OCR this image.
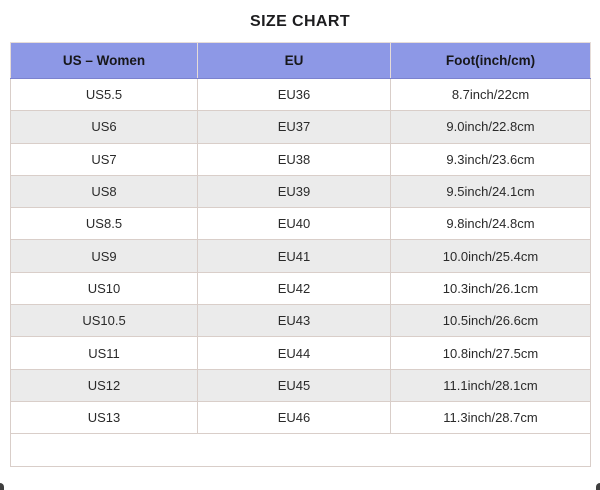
SIZE CHART
US – Women	EU	Foot(inch/cm)
US5.5	EU36	8.7inch/22cm
US6	EU37	9.0inch/22.8cm
US7	EU38	9.3inch/23.6cm
US8	EU39	9.5inch/24.1cm
US8.5	EU40	9.8inch/24.8cm
US9	EU41	10.0inch/25.4cm
US10	EU42	10.3inch/26.1cm
US10.5	EU43	10.5inch/26.6cm
US11	EU44	10.8inch/27.5cm
US12	EU45	11.1inch/28.1cm
US13	EU46	11.3inch/28.7cm
